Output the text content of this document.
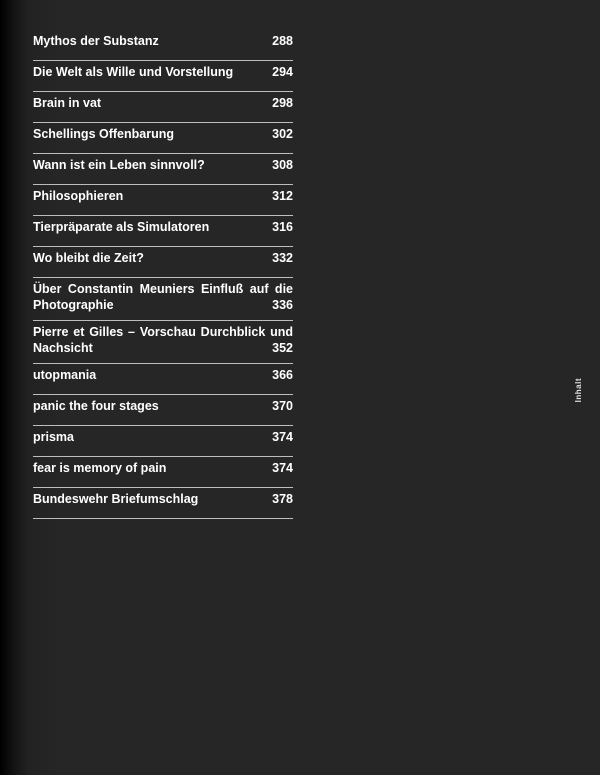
Mythos der Substanz	288
Die Welt als Wille und Vorstellung	294
Brain in vat	298
Schellings Offenbarung	302
Wann ist ein Leben sinnvoll?	308
Philosophieren	312
Tierpräparate als Simulatoren	316
Wo bleibt die Zeit?	332
Über Constantin Meuniers Einfluß auf die
Photographie	336
Pierre et Gilles – Vorschau Durchblick und
Nachsicht	352
utopmania	366
panic the four stages	370
prisma	374
fear is memory of pain	374
Bundeswehr Briefumschlag	378
Inhalt
